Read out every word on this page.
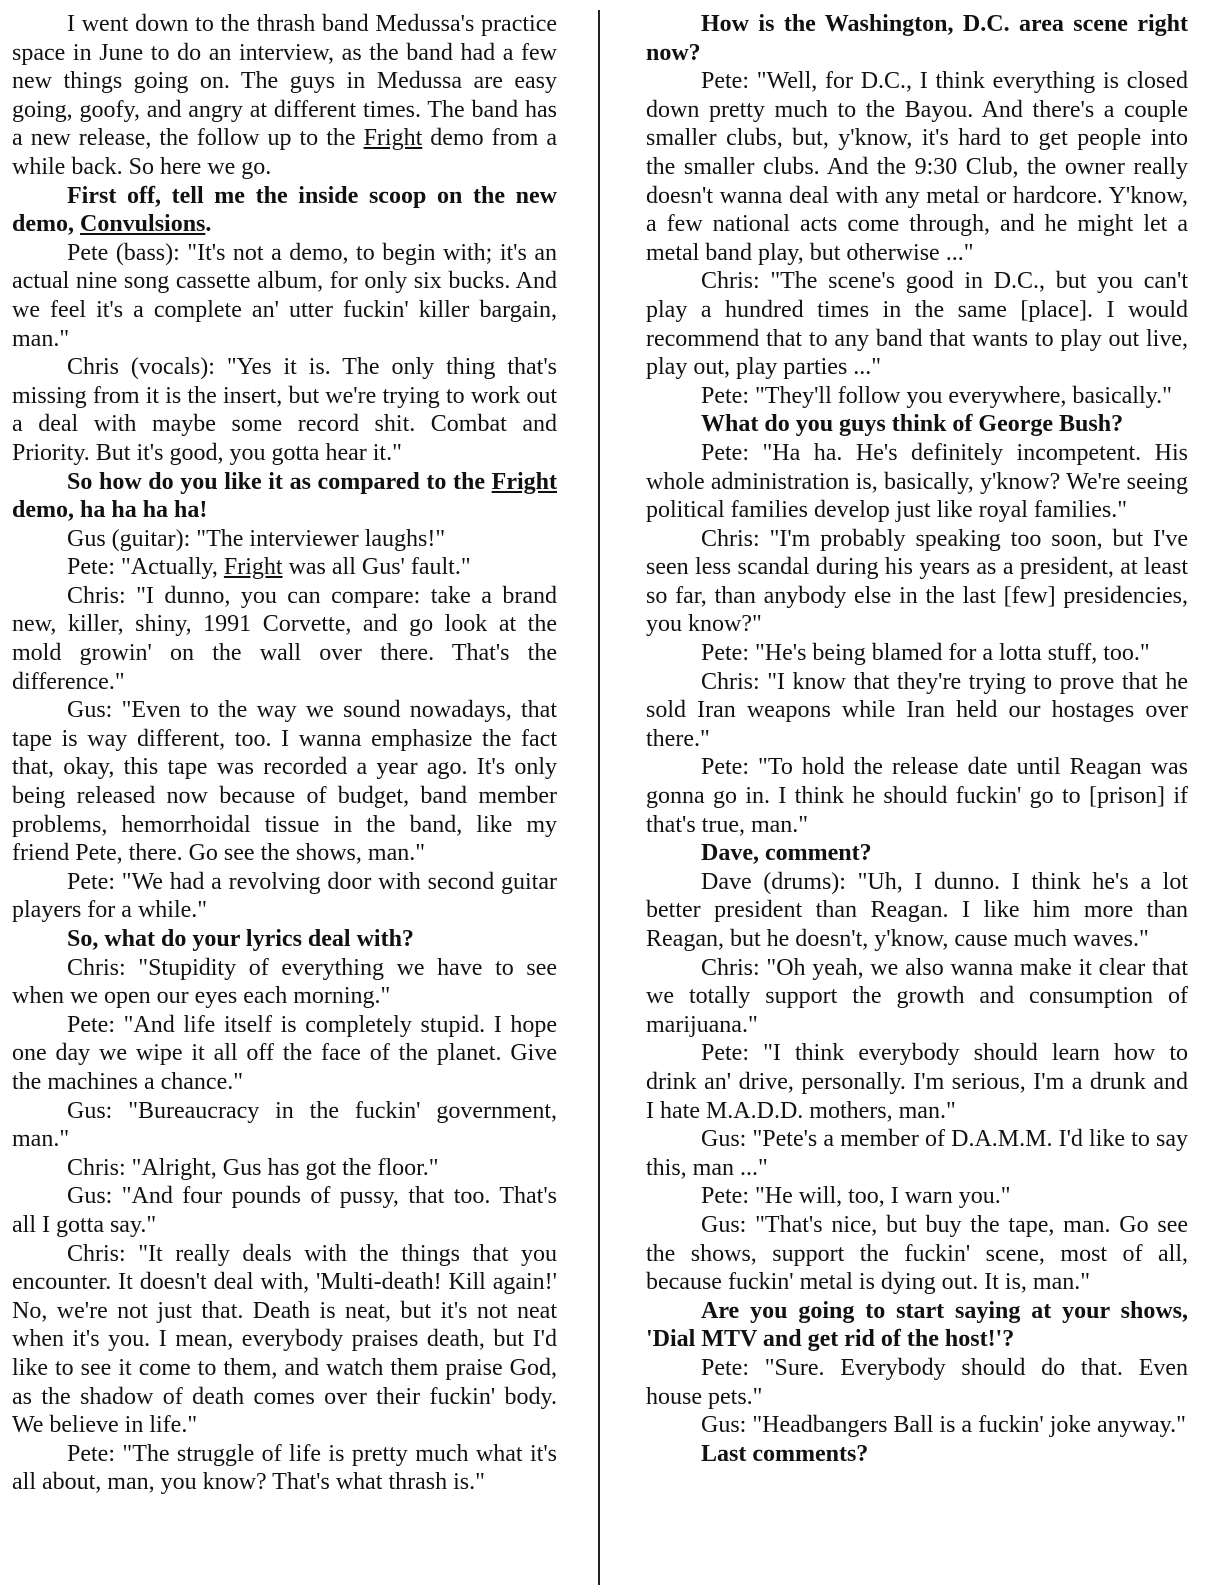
I went down to the thrash band Medussa's practice space in June to do an interview, as the band had a few new things going on. The guys in Medussa are easy going, goofy, and angry at different times. The band has a new release, the follow up to the Fright demo from a while back. So here we go.

First off, tell me the inside scoop on the new demo, Convulsions.

Pete (bass): "It's not a demo, to begin with; it's an actual nine song cassette album, for only six bucks. And we feel it's a complete an' utter fuckin' killer bargain, man."

Chris (vocals): "Yes it is. The only thing that's missing from it is the insert, but we're trying to work out a deal with maybe some record shit. Combat and Priority. But it's good, you gotta hear it."

So how do you like it as compared to the Fright demo, ha ha ha ha!

Gus (guitar): "The interviewer laughs!"

Pete: "Actually, Fright was all Gus' fault."

Chris: "I dunno, you can compare: take a brand new, killer, shiny, 1991 Corvette, and go look at the mold growin' on the wall over there. That's the difference."

Gus: "Even to the way we sound nowadays, that tape is way different, too. I wanna emphasize the fact that, okay, this tape was recorded a year ago. It's only being released now because of budget, band member problems, hemorrhoidal tissue in the band, like my friend Pete, there. Go see the shows, man."

Pete: "We had a revolving door with second guitar players for a while."

So, what do your lyrics deal with?

Chris: "Stupidity of everything we have to see when we open our eyes each morning."

Pete: "And life itself is completely stupid. I hope one day we wipe it all off the face of the planet. Give the machines a chance."

Gus: "Bureaucracy in the fuckin' government, man."

Chris: "Alright, Gus has got the floor."

Gus: "And four pounds of pussy, that too. That's all I gotta say."

Chris: "It really deals with the things that you encounter. It doesn't deal with, 'Multi-death! Kill again!' No, we're not just that. Death is neat, but it's not neat when it's you. I mean, everybody praises death, but I'd like to see it come to them, and watch them praise God, as the shadow of death comes over their fuckin' body. We believe in life."

Pete: "The struggle of life is pretty much what it's all about, man, you know? That's what thrash is."

How is the Washington, D.C. area scene right now?

Pete: "Well, for D.C., I think everything is closed down pretty much to the Bayou. And there's a couple smaller clubs, but, y'know, it's hard to get people into the smaller clubs. And the 9:30 Club, the owner really doesn't wanna deal with any metal or hardcore. Y'know, a few national acts come through, and he might let a metal band play, but otherwise ..."

Chris: "The scene's good in D.C., but you can't play a hundred times in the same [place]. I would recommend that to any band that wants to play out live, play out, play parties ..."

Pete: "They'll follow you everywhere, basically."

What do you guys think of George Bush?

Pete: "Ha ha. He's definitely incompetent. His whole administration is, basically, y'know? We're seeing political families develop just like royal families."

Chris: "I'm probably speaking too soon, but I've seen less scandal during his years as a president, at least so far, than anybody else in the last [few] presidencies, you know?"

Pete: "He's being blamed for a lotta stuff, too."

Chris: "I know that they're trying to prove that he sold Iran weapons while Iran held our hostages over there."

Pete: "To hold the release date until Reagan was gonna go in. I think he should fuckin' go to [prison] if that's true, man."

Dave, comment?

Dave (drums): "Uh, I dunno. I think he's a lot better president than Reagan. I like him more than Reagan, but he doesn't, y'know, cause much waves."

Chris: "Oh yeah, we also wanna make it clear that we totally support the growth and consumption of marijuana."

Pete: "I think everybody should learn how to drink an' drive, personally. I'm serious, I'm a drunk and I hate M.A.D.D. mothers, man."

Gus: "Pete's a member of D.A.M.M. I'd like to say this, man ..."

Pete: "He will, too, I warn you."

Gus: "That's nice, but buy the tape, man. Go see the shows, support the fuckin' scene, most of all, because fuckin' metal is dying out. It is, man."

Are you going to start saying at your shows, 'Dial MTV and get rid of the host!'?

Pete: "Sure. Everybody should do that. Even house pets."

Gus: "Headbangers Ball is a fuckin' joke anyway."

Last comments?
